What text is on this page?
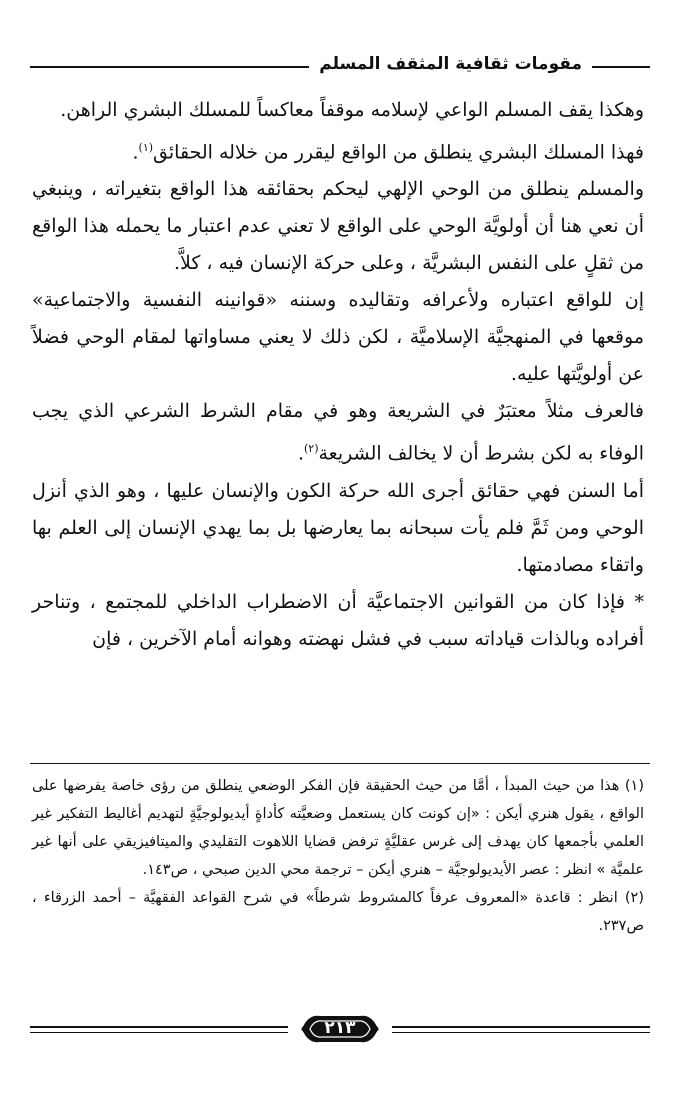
مقومات ثقافية المثقف المسلم

وهكذا يقف المسلم الواعي لإسلامه موقفاً معاكساً للمسلك البشري الراهن.

فهذا المسلك البشري ينطلق من الواقع ليقرر من خلاله الحقائق$^{(١)}$.

والمسلم ينطلق من الوحي الإلهي ليحكم بحقائقه هذا الواقع بتغيراته ، وينبغي أن نعي هنا أن أولويَّة الوحي على الواقع لا تعني عدم اعتبار ما يحمله هذا الواقع من ثقلٍ على النفس البشريَّة ، وعلى حركة الإنسان فيه ، كلاَّ.

إن للواقع اعتباره ولأعرافه وتقاليده وسننه «قوانينه النفسية والاجتماعية» موقعها في المنهجيَّة الإسلاميَّة ، لكن ذلك لا يعني مساواتها لمقام الوحي فضلاً عن أولويَّتها عليه.

فالعرف مثلاً معتبَرٌ في الشريعة وهو في مقام الشرط الشرعي الذي يجب الوفاء به لكن بشرط أن لا يخالف الشريعة$^{(٢)}$.

أما السنن فهي حقائق أجرى الله حركة الكون والإنسان عليها ، وهو الذي أنزل الوحي ومن ثَمَّ فلم يأت سبحانه بما يعارضها بل بما يهدي الإنسان إلى العلم بها واتقاء مصادمتها.

* فإذا كان من القوانين الاجتماعيَّة أن الاضطراب الداخلي للمجتمع ، وتناحر أفراده وبالذات قياداته سبب في فشل نهضته وهوانه أمام الآخرين ، فإن

(١) هذا من حيث المبدأ ، أمَّا من حيث الحقيقة فإن الفكر الوضعي ينطلق من رؤى خاصة يفرضها على الواقع ، يقول هنري أيكن : «إن كونت كان يستعمل وضعيَّته كأداةٍ أيديولوجيَّةٍ لتهديم أغاليط التفكير غير العلمي بأجمعها كان يهدف إلى غرس عقليَّةٍ ترفض قضايا اللاهوت التقليدي والميتافيزيقي على أنها غير علميَّة » انظر : عصر الأيديولوجيَّة – هنري أيكن – ترجمة محي الدين صبحي ، ص١٤٣.

(٢) انظر : قاعدة «المعروف عرفاً كالمشروط شرطاً» في شرح القواعد الفقهيَّة – أحمد الزرقاء ، ص٢٣٧.

٢١٣
